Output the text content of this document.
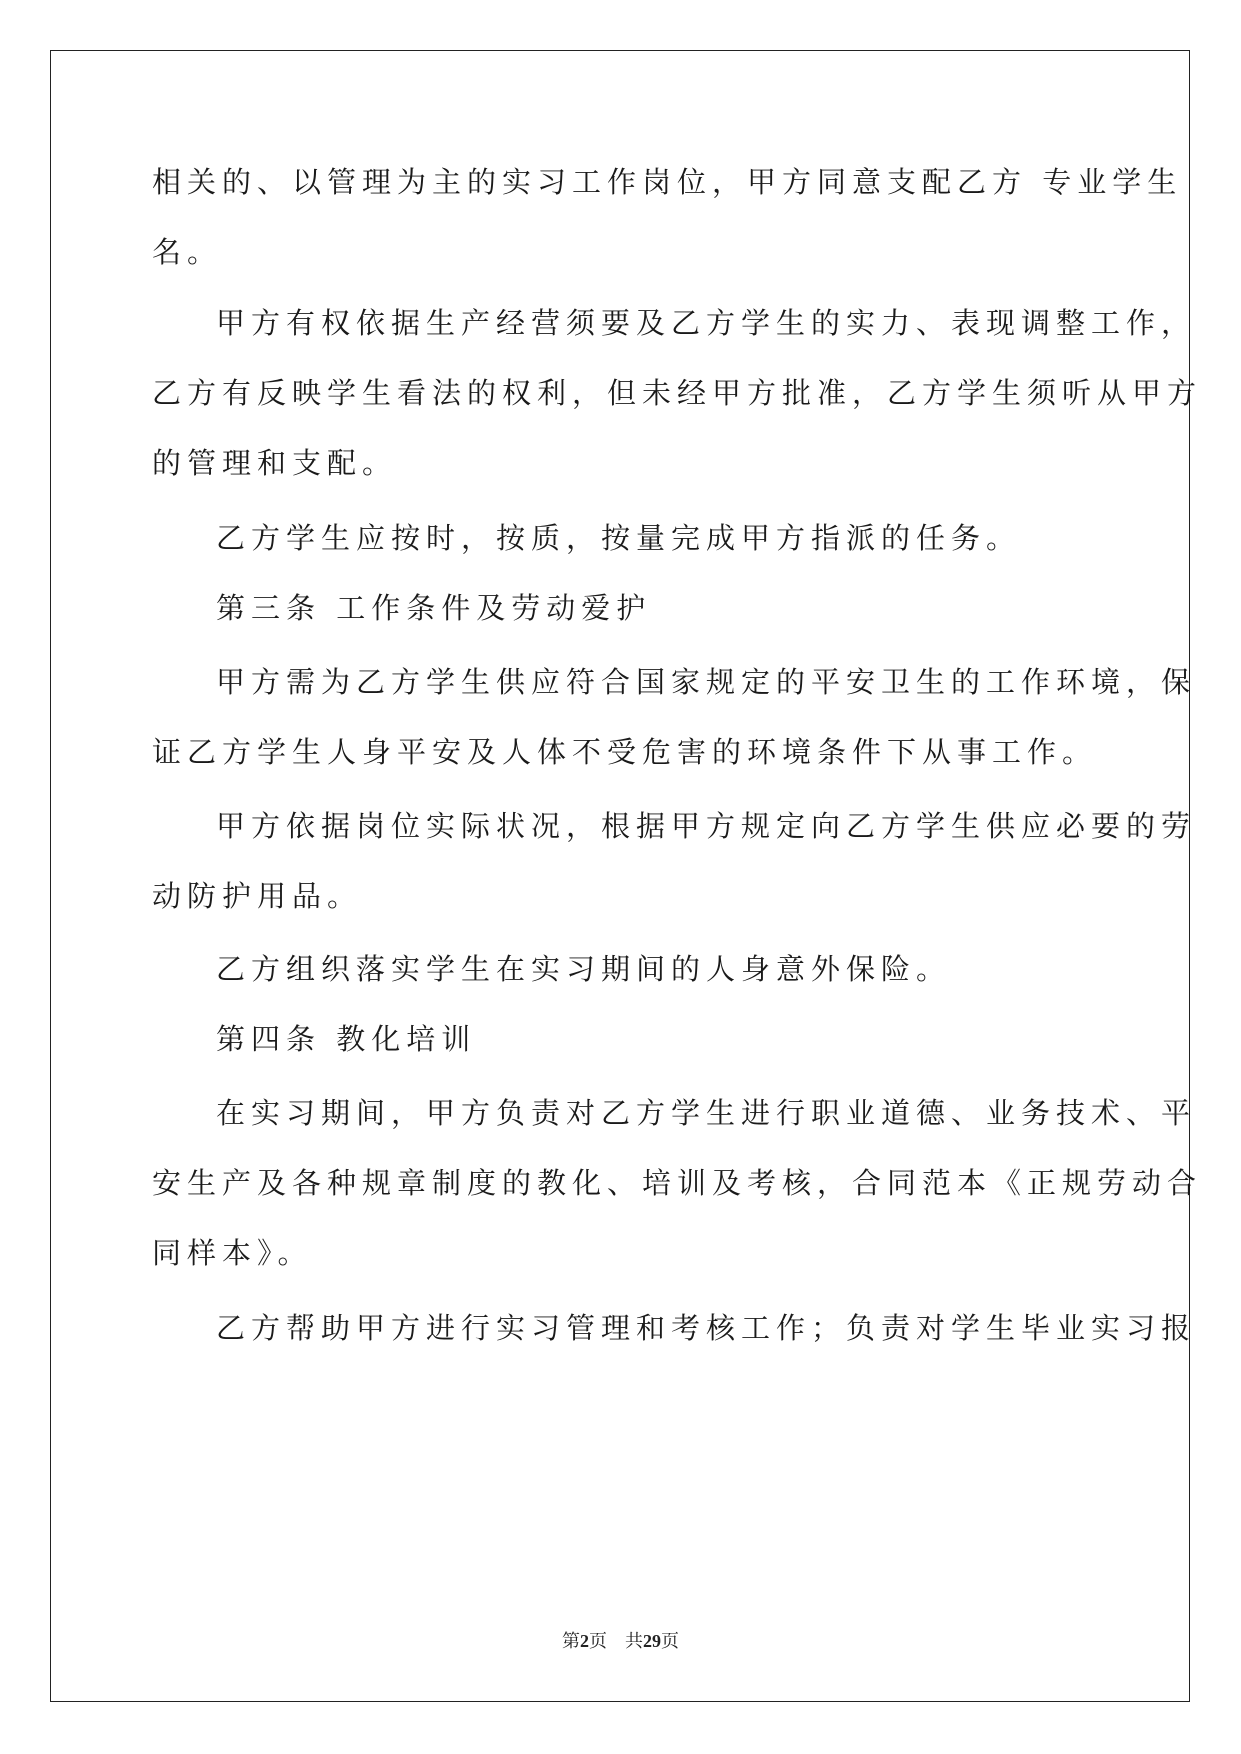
相关的、以管理为主的实习工作岗位，甲方同意支配乙方 专业学生
名。
甲方有权依据生产经营须要及乙方学生的实力、表现调整工作，
乙方有反映学生看法的权利，但未经甲方批准，乙方学生须听从甲方
的管理和支配。
乙方学生应按时，按质，按量完成甲方指派的任务。
第三条 工作条件及劳动爱护
甲方需为乙方学生供应符合国家规定的平安卫生的工作环境，保
证乙方学生人身平安及人体不受危害的环境条件下从事工作。
甲方依据岗位实际状况，根据甲方规定向乙方学生供应必要的劳
动防护用品。
乙方组织落实学生在实习期间的人身意外保险。
第四条 教化培训
在实习期间，甲方负责对乙方学生进行职业道德、业务技术、平
安生产及各种规章制度的教化、培训及考核，合同范本《正规劳动合
同样本》。
乙方帮助甲方进行实习管理和考核工作；负责对学生毕业实习报
第2页 共29页
